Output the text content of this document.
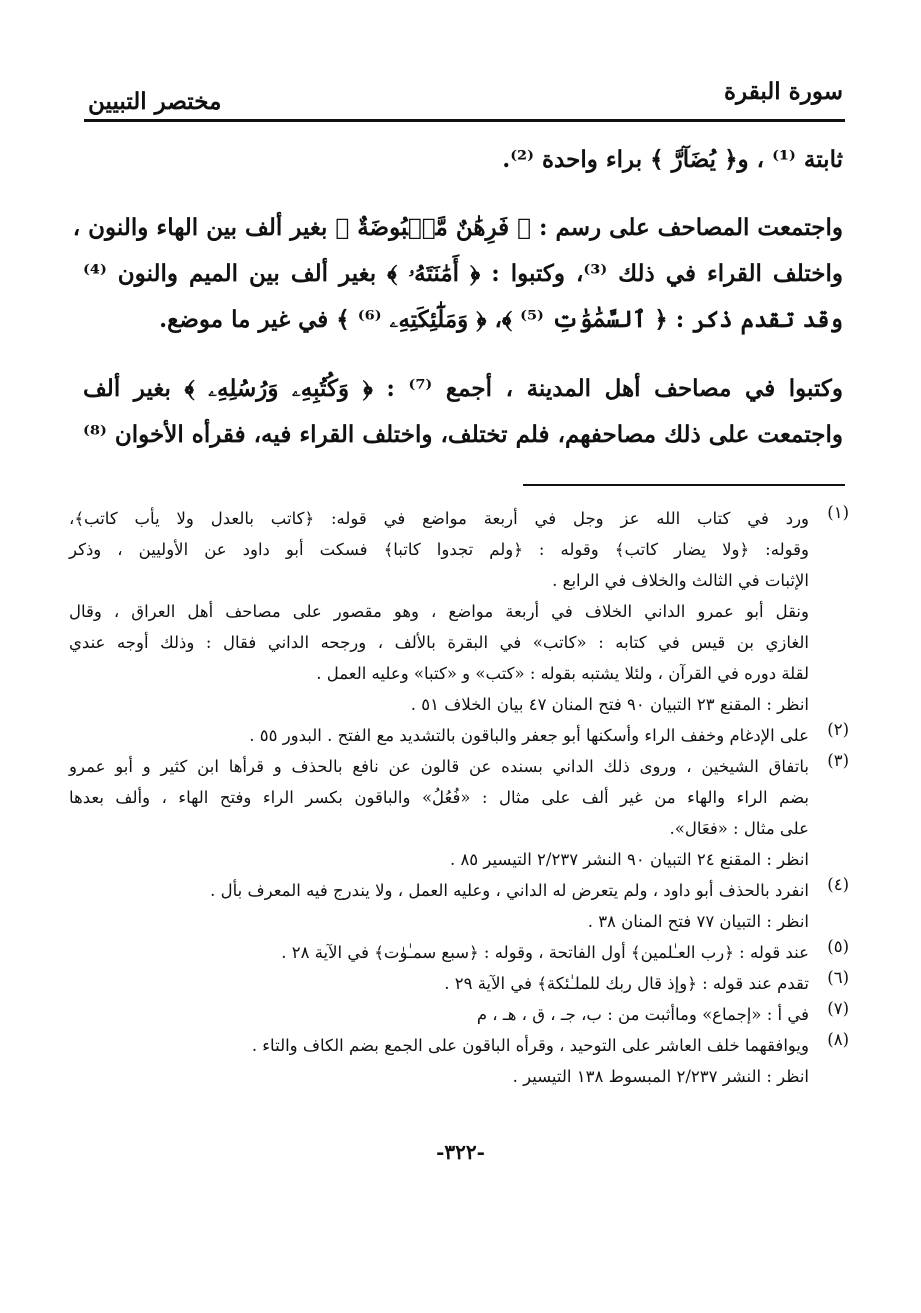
سورة البقرة
مختصر التبيين
ثابتة ⁽¹⁾ ، و﴿ يُضَآرَّ ﴾ براء واحدة ⁽²⁾.
واجتمعت المصاحف على رسم : ﴿ فَرِهَٰنٌ مَّقۡبُوضَةٌ ﴾ بغير ألف بين الهاء والنون ،
واختلف القراء في ذلك ⁽³⁾، وكتبوا : ﴿ أَمَٰنَتَهُۥ ﴾ بغير ألف بين الميم والنون ⁽⁴⁾
وقد تقدم ذكر : ﴿ ٱلسَّمَٰوَٰتِ ⁽⁵⁾ ﴾، ﴿ وَمَلَٰٓئِكَتِهِۦ ⁽⁶⁾ ﴾ في غير ما موضع.
وكتبوا في مصاحف أهل المدينة ، أجمع ⁽⁷⁾ : ﴿ وَكُتُبِهِۦ وَرُسُلِهِۦ ﴾ بغير ألف
واجتمعت على ذلك مصاحفهم، فلم تختلف، واختلف القراء فيه، فقرأه الأخوان ⁽⁸⁾
(١)
ورد في كتاب الله عز وجل في أربعة مواضع في قوله: ﴿كاتب بالعدل ولا يأب كاتب﴾،
وقوله: ﴿ولا يضار كاتب﴾ وقوله : ﴿ولم تجدوا كاتبا﴾ فسكت أبو داود عن الأوليين ، وذكر
الإثبات في الثالث والخلاف في الرابع .
ونقل أبو عمرو الداني الخلاف في أربعة مواضع ، وهو مقصور على مصاحف أهل العراق ، وقال
الغازي بن قيس في كتابه : «كاتب» في البقرة بالألف ، ورجحه الداني فقال : وذلك أوجه عندي
لقلة دوره في القرآن ، ولئلا يشتبه بقوله : «كتب» و «كتبا» وعليه العمل .
انظر : المقنع ٢٣ التبيان ٩٠ فتح المنان ٤٧ بيان الخلاف ٥١ .
(٢)
على الإدغام وخفف الراء وأسكنها أبو جعفر والباقون بالتشديد مع الفتح . البدور ٥٥ .
(٣)
باتفاق الشيخين ، وروى ذلك الداني بسنده عن قالون عن نافع بالحذف و قرأها ابن كثير و أبو عمرو
بضم الراء والهاء من غير ألف على مثال : «فُعُلُ» والباقون بكسر الراء وفتح الهاء ، وألف بعدها
على مثال : «فعَال».
انظر : المقنع ٢٤ التبيان ٩٠ النشر ٢/٢٣٧ التيسير ٨٥ .
(٤)
انفرد بالحذف أبو داود ، ولم يتعرض له الداني ، وعليه العمل ، ولا يندرج فيه المعرف بأل .
انظر : التبيان ٧٧ فتح المنان ٣٨ .
(٥)
عند قوله : ﴿رب العـٰلمين﴾ أول الفاتحة ، وقوله : ﴿سبع سمـٰوٰت﴾ في الآية ٢٨ .
(٦)
تقدم عند قوله : ﴿وإذ قال ربك للملـٰئكة﴾ في الآية ٢٩ .
(٧)
في أ : «إجماع» وماأثبت من : ب، جـ ، ق ، هـ ، م
(٨)
ويوافقهما خلف العاشر على التوحيد ، وقرأه الباقون على الجمع بضم الكاف والتاء .
انظر : النشر ٢/٢٣٧ المبسوط ١٣٨ التيسير .
-٣٢٢-
